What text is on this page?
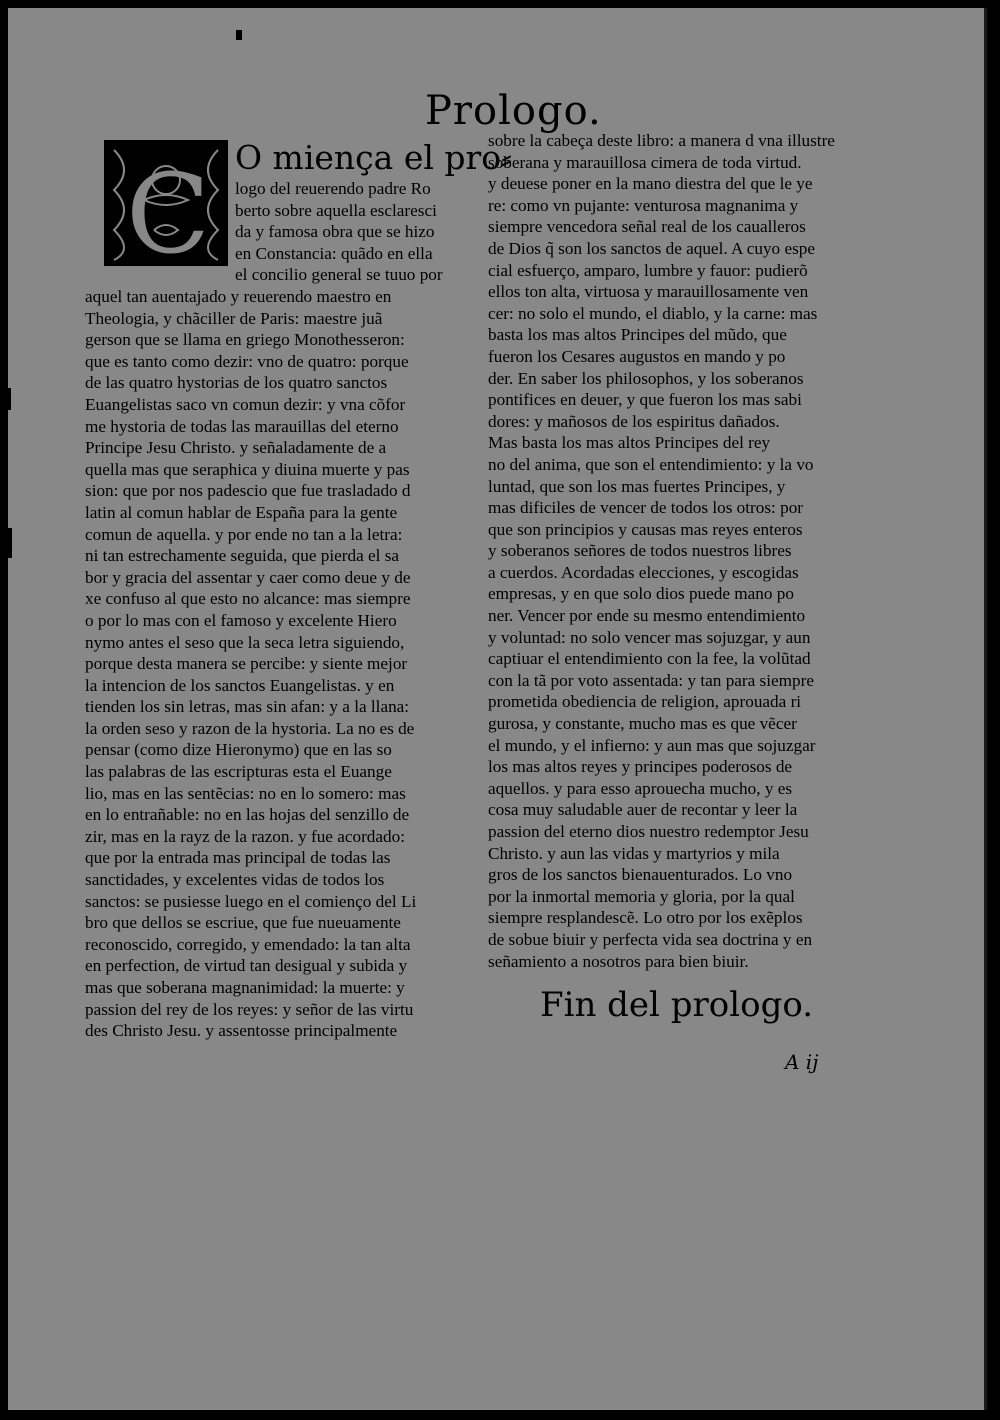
Prologo.
C O miença el pro⸗
logo del reuerendo padre Ro
berto sobre aquella esclaresci
da y famosa obra que se hizo
en Constancia: quãdo en ella
el concilio general se tuuo por
aquel tan auentajado y reuerendo maestro en
Theologia, y chãciller de Paris: maestre juã
gerson que se llama en griego Monothesseron:
que es tanto como dezir: vno de quatro: porque
de las quatro hystorias de los quatro sanctos
Euangelistas saco vn comun dezir: y vna cõfor
me hystoria de todas las marauillas del eterno
Principe Jesu Christo. y señaladamente de a
quella mas que seraphica y diuina muerte y pas
sion: que por nos padescio que fue trasladado d
latin al comun hablar de España para la gente
comun de aquella. y por ende no tan a la letra:
ni tan estrechamente seguida, que pierda el sa
bor y gracia del assentar y caer como deue y de
xe confuso al que esto no alcance: mas siempre
o por lo mas con el famoso y excelente Hiero
nymo antes el seso que la seca letra siguiendo,
porque desta manera se percibe: y siente mejor
la intencion de los sanctos Euangelistas. y en
tienden los sin letras, mas sin afan: y a la llana:
la orden seso y razon de la hystoria. La no es de
pensar (como dize Hieronymo) que en las so
las palabras de las escripturas esta el Euange
lio, mas en las sentẽcias: no en lo somero: mas
en lo entrañable: no en las hojas del senzillo de
zir, mas en la rayz de la razon. y fue acordado:
que por la entrada mas principal de todas las
sanctidades, y excelentes vidas de todos los
sanctos: se pusiesse luego en el comienço del Li
bro que dellos se escriue, que fue nueuamente
reconoscido, corregido, y emendado: la tan alta
en perfection, de virtud tan desigual y subida y
mas que soberana magnanimidad: la muerte: y
passion del rey de los reyes: y señor de las virtu
des Christo Jesu. y assentosse principalmente
sobre la cabeça deste libro: a manera d vna illustre
soberana y marauillosa cimera de toda virtud.
y deuese poner en la mano diestra del que le ye
re: como vn pujante: venturosa magnanima y
siempre vencedora señal real de los caualleros
de Dios q̃ son los sanctos de aquel. A cuyo espe
cial esfuerço, amparo, lumbre y fauor: pudierõ
ellos ton alta, virtuosa y marauillosamente ven
cer: no solo el mundo, el diablo, y la carne: mas
basta los mas altos Principes del mũdo, que
fueron los Cesares augustos en mando y po
der. En saber los philosophos, y los soberanos
pontifices en deuer, y que fueron los mas sabi
dores: y mañosos de los espiritus dañados.
Mas basta los mas altos Principes del rey
no del anima, que son el entendimiento: y la vo
luntad, que son los mas fuertes Principes, y
mas dificiles de vencer de todos los otros: por
que son principios y causas mas reyes enteros
y soberanos señores de todos nuestros libres
a cuerdos. Acordadas elecciones, y escogidas
empresas, y en que solo dios puede mano po
ner. Vencer por ende su mesmo entendimiento
y voluntad: no solo vencer mas sojuzgar, y aun
captiuar el entendimiento con la fee, la volũtad
con la tã por voto assentada: y tan para siempre
prometida obediencia de religion, aprouada ri
gurosa, y constante, mucho mas es que vẽcer
el mundo, y el infierno: y aun mas que sojuzgar
los mas altos reyes y principes poderosos de
aquellos. y para esso aprouecha mucho, y es
cosa muy saludable auer de recontar y leer la
passion del eterno dios nuestro redemptor Jesu
Christo. y aun las vidas y martyrios y mila
gros de los sanctos bienauenturados. Lo vno
por la inmortal memoria y gloria, por la qual
siempre resplandescẽ. Lo otro por los exẽplos
de sobue biuir y perfecta vida sea doctrina y en
señamiento a nosotros para bien biuir.
Fin del prologo.
A ij
